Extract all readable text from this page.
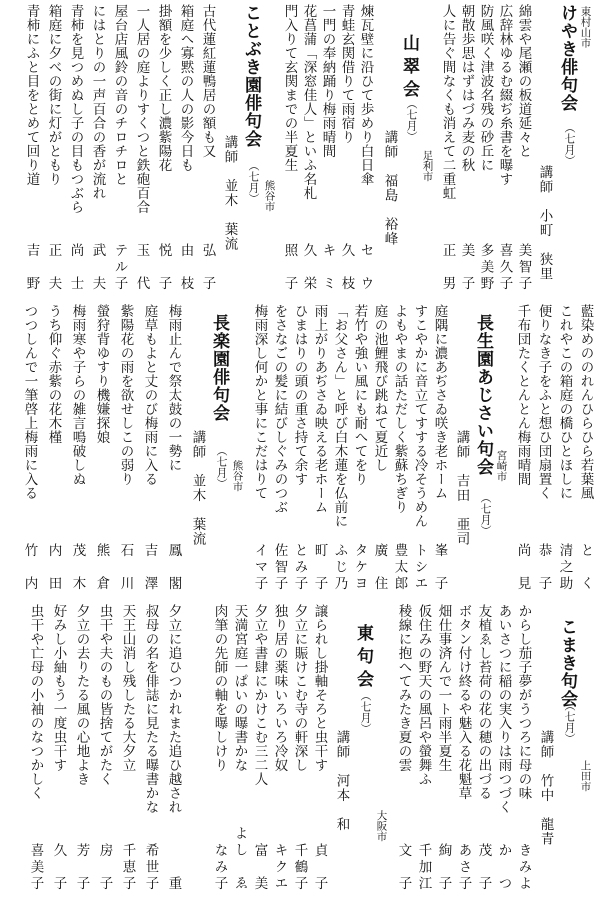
東村山市
けやき俳句会
（七月）
講師　小町　狭里
綿雲や尾瀬の板道延々と
美智子
広辞林ゆるむ綴ぢ糸書を曝す
喜久子
防風咲く津波名残の砂丘に
多美野
朝散歩思はずはづみ麦の秋
美　子
人に告ぐ間なくも消えて二重虹
正　男
足利市
山翠会
（七月）
講師　福島　裕峰
煉瓦壁に沿ひて歩めり白日傘
セ　ウ
青蛙玄関借りて雨宿り
久　枝
一門の奉納踊り梅雨晴間
キ　ミ
花菖蒲「深窓佳人」といふ名札
久　栄
門入りて玄関までの半夏生
照　子
熊谷市
ことぶき園俳句会
（七月）
講師　並木　葉流
古代蓮紅蓮鴨居の額も又
弘　子
箱庭へ寡黙の人の影今日も
由　枝
掛額を少しく正し濃紫陽花
悦　子
一人居の庭よりすくつと鉄砲百合
玉　代
屋台店風鈴の音のチロチロと
テル子
にはとりの一声百合の香が流れ
武　夫
青柿を見つめぬし子の目もつぶら
尚　士
箱庭に夕べの街に灯がともり
正　夫
青柿にふと目をとめて回り道
吉　野
藍染めののれんひらひら若葉風
と　く
これやこの箱庭の橋ひとほしに
清之助
便りなき子をふと想ひ団扇置く
恭　子
千布団たくとんとん梅雨晴間
尚　見
宮崎市
長生園あじさい句会
（七月）
講師　吉田　亜司
庭隅に濃あぢさゐ咲き老ホーム
峯　子
すこやかに音立てすする冷そうめん
トシエ
よもやまの話ただしく紫蘇ちぎり
豊太郎
庭の池鯉飛び跳ねて夏近し
廣　住
若竹や強い風にも耐へてをり
タケヨ
「お父さん」と呼び白木蓮を仏前に
ふじ乃
雨上がりあぢさゐ映える老ホーム
町　子
ひまはりの頭の重さ持て余す
とみ子
をさなごの髪に結びしぐみのつぶ
佐智子
梅雨深し何かと事にこだはりて
イマ子
熊谷市
長楽園俳句会
（七月）
講師　並木　葉流
梅雨止んで祭太鼓の一勢に
鳳　閣
庭草もよと丈のび梅雨に入る
吉　澤
紫陽花の雨を欲せしこの弱り
石　川
螢狩背ゆすり機嫌探娘
熊　倉
梅雨寒や子らの雑言鳴破しぬ
茂　木
うち仰ぐ赤紫の花木槿
内　田
つつしんで一筆啓上梅雨に入る
竹　内
上田市
こまき句会
（七月）
講師　竹中　龍青
からし茄子夢がうつろに母の味
きみよ
あいさつに稲の実入りは雨つづく
か　つ
友植ゑし苔荷の花の穂の出づる
茂　子
ボタン付け終るや魅入る花魁草
あさ子
畑仕事済んで一ト雨半夏生
絢　子
仮住みの野天の風呂や螢舞ふ
千加江
稜線に抱へてみたき夏の雲
文　子
大阪市
東句会
（七月）
講師　河本　和
譲られし掛軸そろと虫干す
貞　子
夕立に賑けこむ寺の軒深し
千鶴子
独り居の薬味いろいろ冷奴
キクエ
夕立や書肆にかけこむ三二人
富　美
天満宮庭一ぱいの曝書かな
よし　ゑ
肉筆の先師の軸を曝しけり
なみ子
夕立に追ひつかれまた追ひ越され
重
叔母の名を俳誌に見たる曝書かな
希世子
天王山消し残したる大夕立
千恵子
虫干や夫のもの皆捨てがたく
房　子
夕立の去りたる風の心地よき
芳　子
好みし小紬もう一度虫干す
久　子
虫干や亡母の小袖のなつかしく
喜美子
